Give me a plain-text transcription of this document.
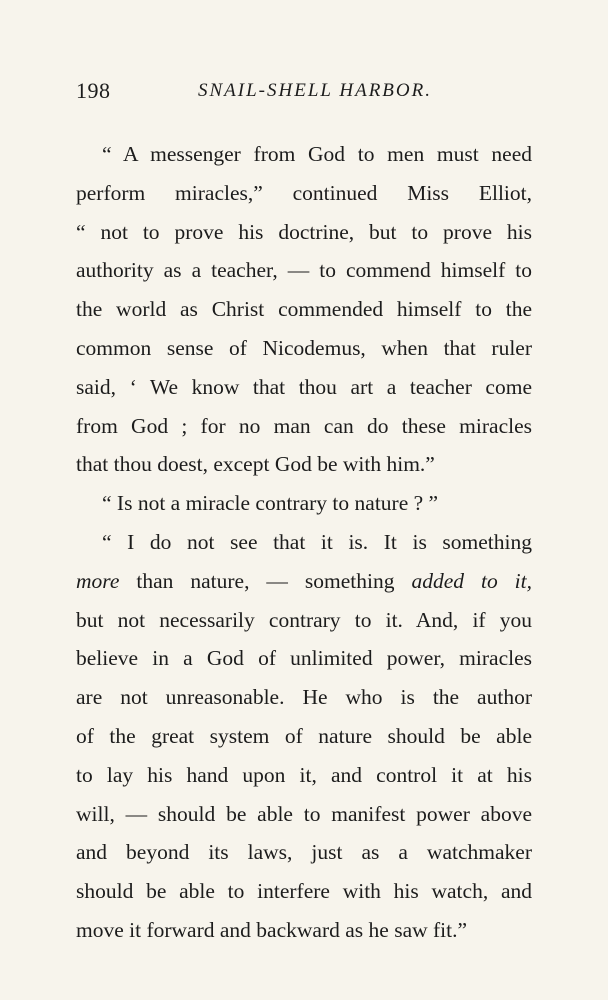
198	SNAIL-SHELL HARBOR.
“ A messenger from God to men must need
perform miracles,” continued Miss Elliot,
“ not to prove his doctrine, but to prove his
authority as a teacher, — to commend himself to
the world as Christ commended himself to the
common sense of Nicodemus, when that ruler
said, ‘ We know that thou art a teacher come
from God ; for no man can do these miracles
that thou doest, except God be with him.”
“ Is not a miracle contrary to nature ? ”
“ I do not see that it is. It is something
more than nature, — something added to it,
but not necessarily contrary to it. And, if you
believe in a God of unlimited power, miracles
are not unreasonable. He who is the author
of the great system of nature should be able
to lay his hand upon it, and control it at his
will, — should be able to manifest power above
and beyond its laws, just as a watchmaker
should be able to interfere with his watch, and
move it forward and backward as he saw fit.”
